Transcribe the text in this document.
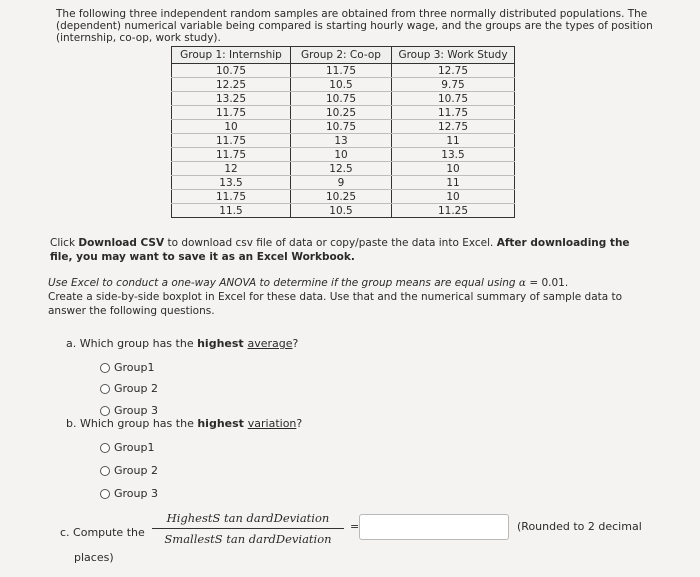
The following three independent random samples are obtained from three normally distributed populations. The (dependent) numerical variable being compared is starting hourly wage, and the groups are the types of position (internship, co-op, work study).
Group 1: Internship	Group 2: Co-op	Group 3: Work Study
10.75	11.75	12.75
12.25	10.5	9.75
13.25	10.75	10.75
11.75	10.25	11.75
10	10.75	12.75
11.75	13	11
11.75	10	13.5
12	12.5	10
13.5	9	11
11.75	10.25	10
11.5	10.5	11.25
Click Download CSV to download csv file of data or copy/paste the data into Excel. After downloading the file, you may want to save it as an Excel Workbook.
Use Excel to conduct a one-way ANOVA to determine if the group means are equal using α = 0.01.
Create a side-by-side boxplot in Excel for these data. Use that and the numerical summary of sample data to answer the following questions.
a. Which group has the highest average?
Group1
Group 2
Group 3
b. Which group has the highest variation?
Group1
Group 2
Group 3
c. Compute the
HighestS tan dardDeviation
SmallestS tan dardDeviation
=	(Rounded to 2 decimal
places)
